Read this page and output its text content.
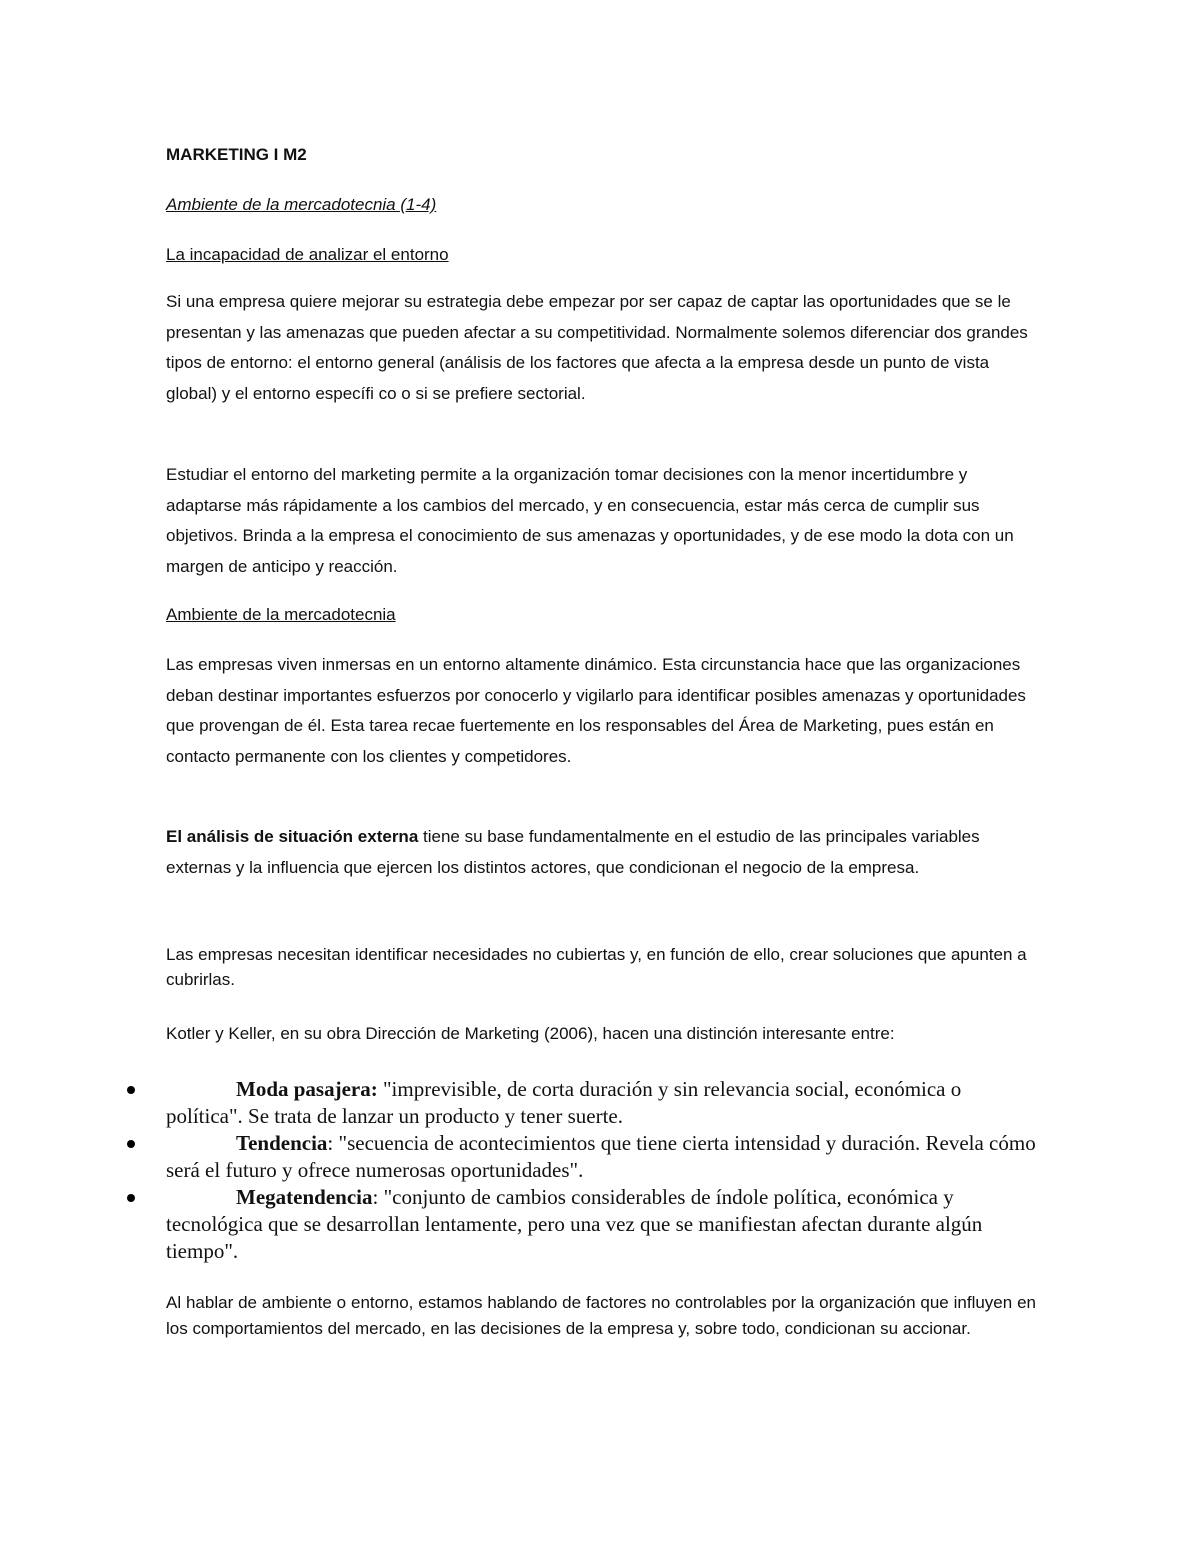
MARKETING I M2

Ambiente de la mercadotecnia (1-4)

La incapacidad de analizar el entorno

Si una empresa quiere mejorar su estrategia debe empezar por ser capaz de captar las oportunidades que se le presentan y las amenazas que pueden afectar a su competitividad. Normalmente solemos diferenciar dos grandes tipos de entorno: el entorno general (análisis de los factores que afecta a la empresa desde un punto de vista global) y el entorno específi co o si se prefiere sectorial.

Estudiar el entorno del marketing permite a la organización tomar decisiones con la menor incertidumbre y adaptarse más rápidamente a los cambios del mercado, y en consecuencia, estar más cerca de cumplir sus objetivos. Brinda a la empresa el conocimiento de sus amenazas y oportunidades, y de ese modo la dota con un margen de anticipo y reacción.

Ambiente de la mercadotecnia

Las empresas viven inmersas en un entorno altamente dinámico. Esta circunstancia hace que las organizaciones deban destinar importantes esfuerzos por conocerlo y vigilarlo para identificar posibles amenazas y oportunidades que provengan de él. Esta tarea recae fuertemente en los responsables del Área de Marketing, pues están en contacto permanente con los clientes y competidores.

El análisis de situación externa tiene su base fundamentalmente en el estudio de las principales variables externas y la influencia que ejercen los distintos actores, que condicionan el negocio de la empresa.

Las empresas necesitan identificar necesidades no cubiertas y, en función de ello, crear soluciones que apunten a cubrirlas.

Kotler y Keller, en su obra Dirección de Marketing (2006), hacen una distinción interesante entre:

Moda pasajera: "imprevisible, de corta duración y sin relevancia social, económica o política". Se trata de lanzar un producto y tener suerte.
Tendencia: "secuencia de acontecimientos que tiene cierta intensidad y duración. Revela cómo será el futuro y ofrece numerosas oportunidades".
Megatendencia: "conjunto de cambios considerables de índole política, económica y tecnológica que se desarrollan lentamente, pero una vez que se manifiestan afectan durante algún tiempo".

Al hablar de ambiente o entorno, estamos hablando de factores no controlables por la organización que influyen en los comportamientos del mercado, en las decisiones de la empresa y, sobre todo, condicionan su accionar.
